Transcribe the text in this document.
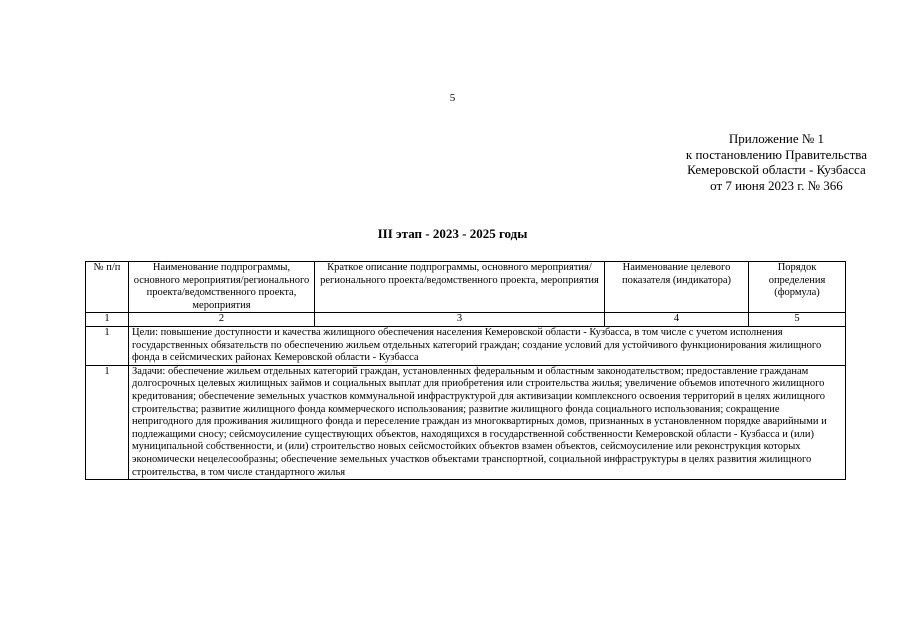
5
Приложение № 1
к постановлению Правительства
Кемеровской области - Кузбасса
от 7 июня 2023 г. № 366
III этап - 2023 - 2025 годы
№ п/п	Наименование подпрограммы, основного мероприятия/регионального проекта/ведомственного проекта, мероприятия	Краткое описание подпрограммы, основного мероприятия/регионального проекта/ведомственного проекта, мероприятия	Наименование целевого показателя (индикатора)	Порядок определения (формула)
1	2	3	4	5
1	Цели: повышение доступности и качества жилищного обеспечения населения Кемеровской области - Кузбасса, в том числе с учетом исполнения государственных обязательств по обеспечению жильем отдельных категорий граждан; создание условий для устойчивого функционирования жилищного фонда в сейсмических районах Кемеровской области - Кузбасса			
1	Задачи: обеспечение жильем отдельных категорий граждан, установленных федеральным и областным законодательством; предоставление гражданам долгосрочных целевых жилищных займов и социальных выплат для приобретения или строительства жилья; увеличение объемов ипотечного жилищного кредитования; обеспечение земельных участков коммунальной инфраструктурой для активизации комплексного освоения территорий в целях жилищного строительства; развитие жилищного фонда коммерческого использования; развитие жилищного фонда социального использования; сокращение непригодного для проживания жилищного фонда и переселение граждан из многоквартирных домов, признанных в установленном порядке аварийными и подлежащими сносу; сейсмоусиление существующих объектов, находящихся в государственной собственности Кемеровской области - Кузбасса и (или) муниципальной собственности, и (или) строительство новых сейсмостойких объектов взамен объектов, сейсмоусиление или реконструкция которых экономически нецелесообразны; обеспечение земельных участков объектами транспортной, социальной инфраструктуры в целях развития жилищного строительства, в том числе стандартного жилья			
